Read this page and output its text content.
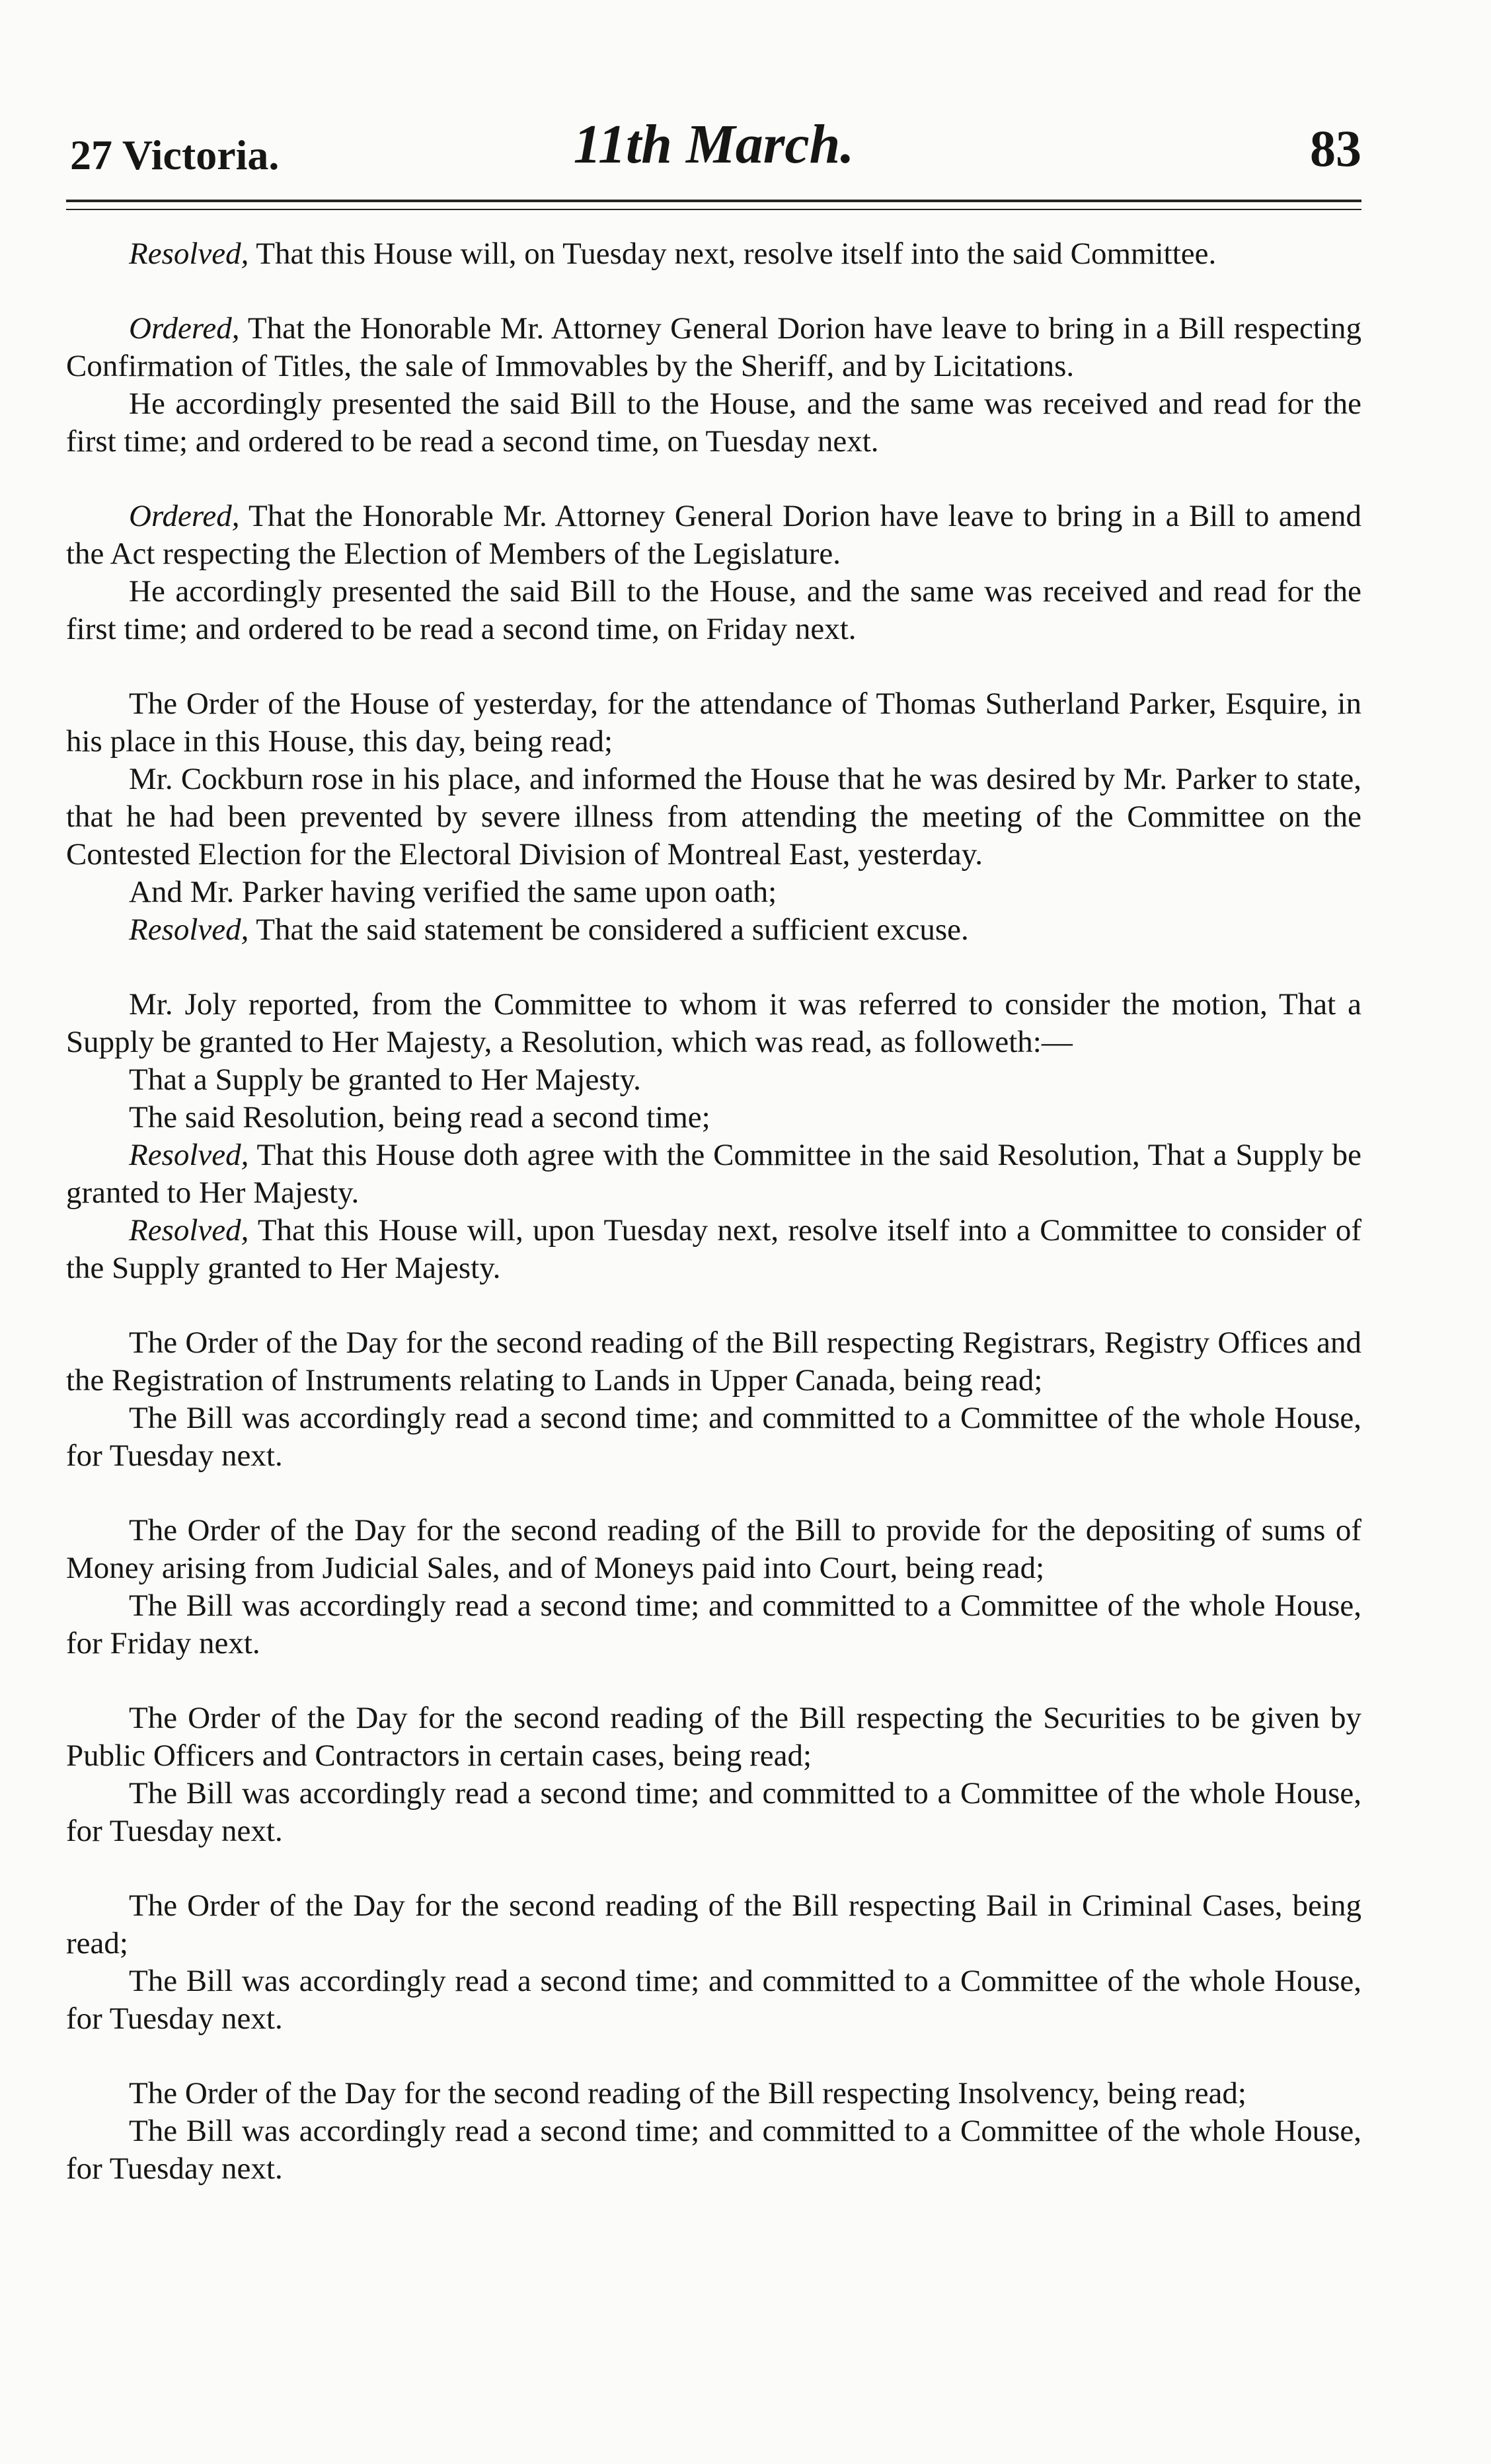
27 Victoria.	11th March.	83

Resolved, That this House will, on Tuesday next, resolve itself into the said Committee.

Ordered, That the Honorable Mr. Attorney General Dorion have leave to bring in a Bill respecting Confirmation of Titles, the sale of Immovables by the Sheriff, and by Licitations.

He accordingly presented the said Bill to the House, and the same was received and read for the first time; and ordered to be read a second time, on Tuesday next.

Ordered, That the Honorable Mr. Attorney General Dorion have leave to bring in a Bill to amend the Act respecting the Election of Members of the Legislature.

He accordingly presented the said Bill to the House, and the same was received and read for the first time; and ordered to be read a second time, on Friday next.

The Order of the House of yesterday, for the attendance of Thomas Sutherland Parker, Esquire, in his place in this House, this day, being read;

Mr. Cockburn rose in his place, and informed the House that he was desired by Mr. Parker to state, that he had been prevented by severe illness from attending the meeting of the Committee on the Contested Election for the Electoral Division of Montreal East, yesterday.

And Mr. Parker having verified the same upon oath;

Resolved, That the said statement be considered a sufficient excuse.

Mr. Joly reported, from the Committee to whom it was referred to consider the motion, That a Supply be granted to Her Majesty, a Resolution, which was read, as followeth:—

That a Supply be granted to Her Majesty.

The said Resolution, being read a second time;

Resolved, That this House doth agree with the Committee in the said Resolution, That a Supply be granted to Her Majesty.

Resolved, That this House will, upon Tuesday next, resolve itself into a Committee to consider of the Supply granted to Her Majesty.

The Order of the Day for the second reading of the Bill respecting Registrars, Registry Offices and the Registration of Instruments relating to Lands in Upper Canada, being read;

The Bill was accordingly read a second time; and committed to a Committee of the whole House, for Tuesday next.

The Order of the Day for the second reading of the Bill to provide for the depositing of sums of Money arising from Judicial Sales, and of Moneys paid into Court, being read;

The Bill was accordingly read a second time; and committed to a Committee of the whole House, for Friday next.

The Order of the Day for the second reading of the Bill respecting the Securities to be given by Public Officers and Contractors in certain cases, being read;

The Bill was accordingly read a second time; and committed to a Committee of the whole House, for Tuesday next.

The Order of the Day for the second reading of the Bill respecting Bail in Criminal Cases, being read;

The Bill was accordingly read a second time; and committed to a Committee of the whole House, for Tuesday next.

The Order of the Day for the second reading of the Bill respecting Insolvency, being read;

The Bill was accordingly read a second time; and committed to a Committee of the whole House, for Tuesday next.
